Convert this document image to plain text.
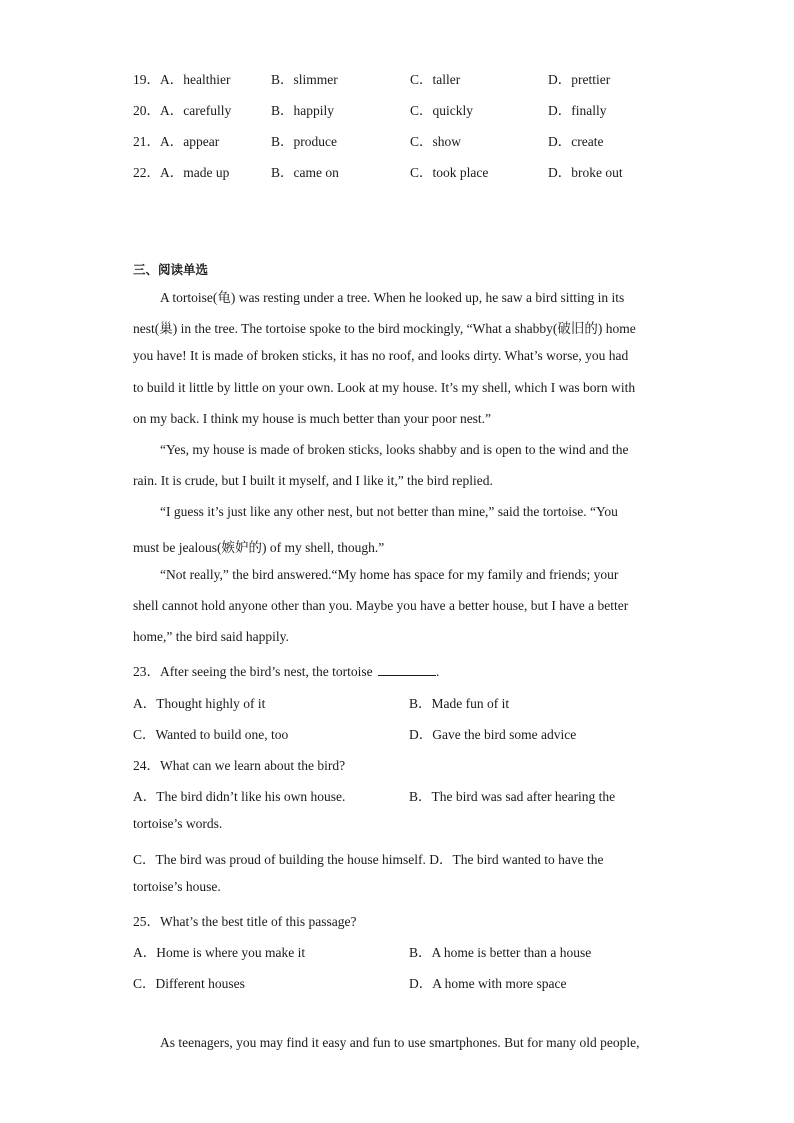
19． A．healthier	B．slimmer	C．taller	D．prettier
20． A．carefully	B．happily	C．quickly	D．finally
21． A．appear	B．produce	C．show	D．create
22． A．made up	B．came on	C．took place	D．broke out
三、阅读单选
A tortoise(龟) was resting under a tree. When he looked up, he saw a bird sitting in its
nest(巢) in the tree. The tortoise spoke to the bird mockingly, “What a shabby(破旧的) home
you have! It is made of broken sticks, it has no roof, and looks dirty. What’s worse, you had
to build it little by little on your own. Look at my house. It’s my shell, which I was born with
on my back. I think my house is much better than your poor nest.”
“Yes, my house is made of broken sticks, looks shabby and is open to the wind and the
rain. It is crude, but I built it myself, and I like it,” the bird replied.
“I guess it’s just like any other nest, but not better than mine,” said the tortoise. “You
must be jealous(嫉妒的) of my shell, though.”
“Not really,” the bird answered.“My home has space for my family and friends; your
shell cannot hold anyone other than you. Maybe you have a better house, but I have a better
home,” the bird said happily.
23．After seeing the bird’s nest, the tortoise	.
A．Thought highly of it	B．Made fun of it
C．Wanted to build one, too	D．Gave the bird some advice
24．What can we learn about the bird?
A．The bird didn’t like his own house.	B．The bird was sad after hearing the
tortoise’s words.
C．The bird was proud of building the house himself. D．The bird wanted to have the
tortoise’s house.
25．What’s the best title of this passage?
A．Home is where you make it	B．A home is better than a house
C．Different houses	D．A home with more space
As teenagers, you may find it easy and fun to use smartphones. But for many old people,
